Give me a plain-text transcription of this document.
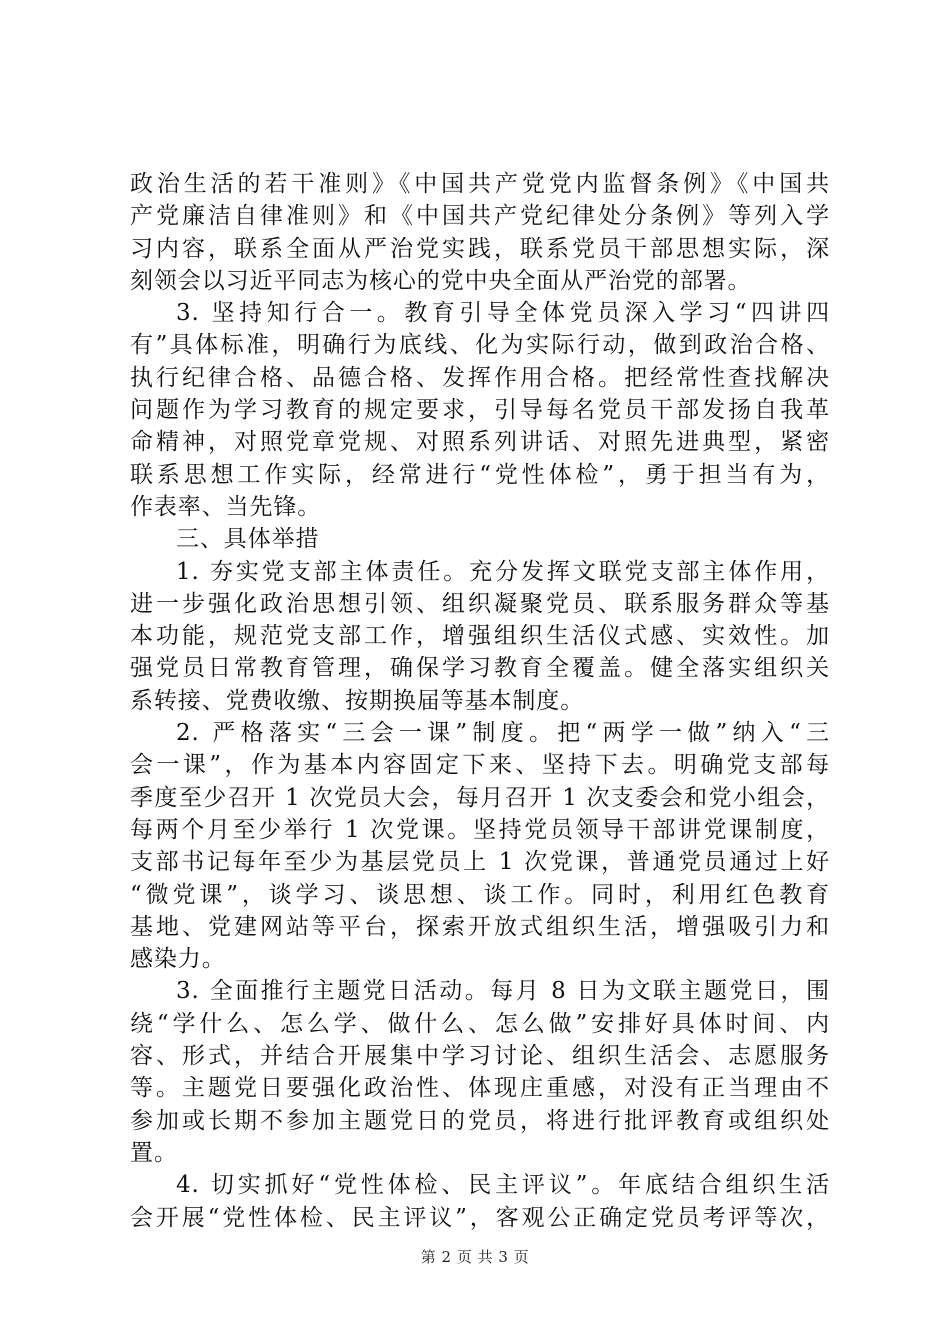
政治生活的若干准则》《中国共产党党内监督条例》《中国共
产党廉洁自律准则》和《中国共产党纪律处分条例》等列入学
习内容，联系全面从严治党实践，联系党员干部思想实际，深
刻领会以习近平同志为核心的党中央全面从严治党的部署。
3. 坚持知行合一。教育引导全体党员深入学习“四讲四
有”具体标准，明确行为底线、化为实际行动，做到政治合格、
执行纪律合格、品德合格、发挥作用合格。把经常性查找解决
问题作为学习教育的规定要求，引导每名党员干部发扬自我革
命精神，对照党章党规、对照系列讲话、对照先进典型，紧密
联系思想工作实际，经常进行“党性体检”，勇于担当有为，
作表率、当先锋。
三、具体举措
1. 夯实党支部主体责任。充分发挥文联党支部主体作用，
进一步强化政治思想引领、组织凝聚党员、联系服务群众等基
本功能，规范党支部工作，增强组织生活仪式感、实效性。加
强党员日常教育管理，确保学习教育全覆盖。健全落实组织关
系转接、党费收缴、按期换届等基本制度。
2. 严格落实“三会一课”制度。把“两学一做”纳入“三
会一课”，作为基本内容固定下来、坚持下去。明确党支部每
季度至少召开 1 次党员大会，每月召开 1 次支委会和党小组会，
每两个月至少举行 1 次党课。坚持党员领导干部讲党课制度，
支部书记每年至少为基层党员上 1 次党课，普通党员通过上好
“微党课”，谈学习、谈思想、谈工作。同时，利用红色教育
基地、党建网站等平台，探索开放式组织生活，增强吸引力和
感染力。
3. 全面推行主题党日活动。每月 8 日为文联主题党日，围
绕“学什么、怎么学、做什么、怎么做”安排好具体时间、内
容、形式，并结合开展集中学习讨论、组织生活会、志愿服务
等。主题党日要强化政治性、体现庄重感，对没有正当理由不
参加或长期不参加主题党日的党员，将进行批评教育或组织处
置。
4. 切实抓好“党性体检、民主评议”。年底结合组织生活
会开展“党性体检、民主评议”，客观公正确定党员考评等次，
第 2 页 共 3 页
